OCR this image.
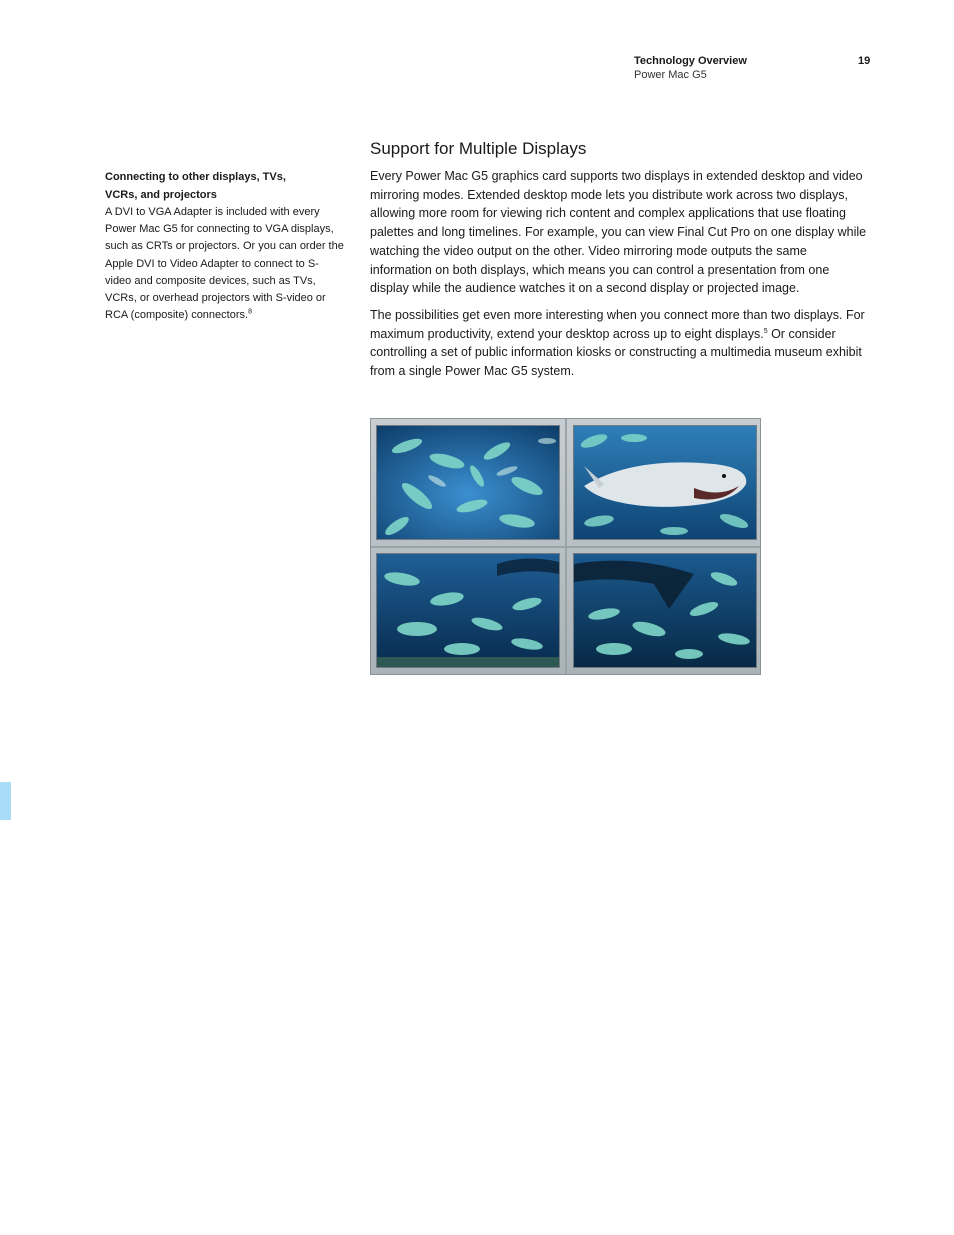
Technology Overview
Power Mac G5
19
Connecting to other displays, TVs,
VCRs, and projectors
A DVI to VGA Adapter is included with every Power Mac G5 for connecting to VGA displays, such as CRTs or projectors. Or you can order the Apple DVI to Video Adapter to connect to S-video and composite devices, such as TVs, VCRs, or overhead projectors with S-video or RCA (composite) connectors.$^8$
Support for Multiple Displays

Every Power Mac G5 graphics card supports two displays in extended desktop and video mirroring modes. Extended desktop mode lets you distribute work across two displays, allowing more room for viewing rich content and complex applications that use floating palettes and long timelines. For example, you can view Final Cut Pro on one display while watching the video output on the other. Video mirroring mode outputs the same information on both displays, which means you can control a presentation from one display while the audience watches it on a second display or projected image.

The possibilities get even more interesting when you connect more than two displays. For maximum productivity, extend your desktop across up to eight displays.$^5$ Or consider controlling a set of public information kiosks or constructing a multimedia museum exhibit from a single Power Mac G5 system.
